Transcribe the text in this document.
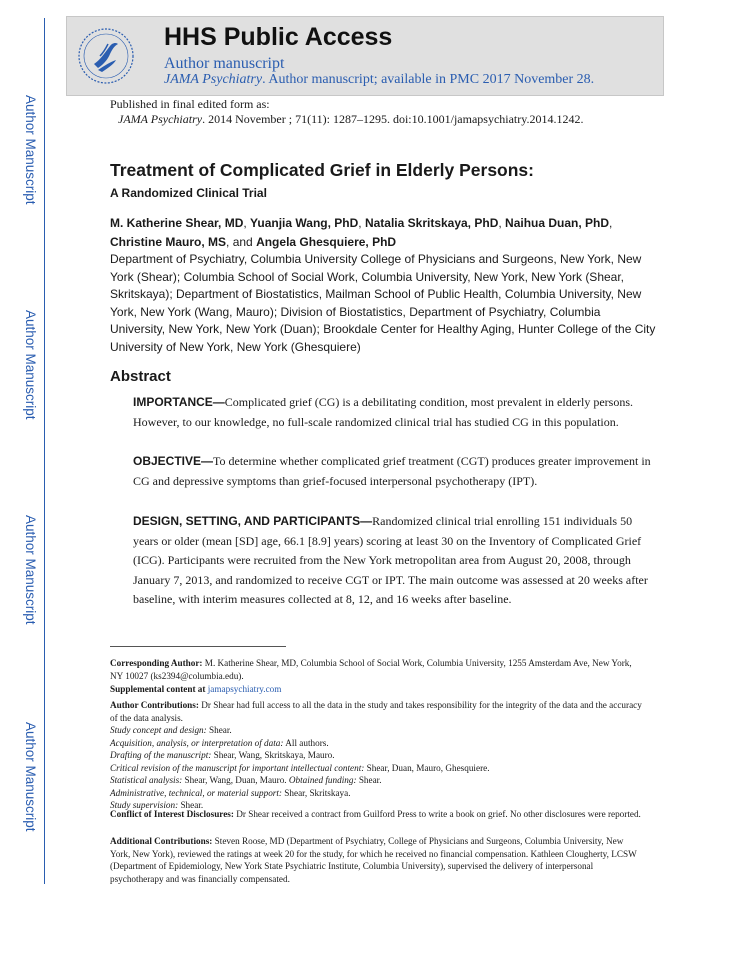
Author Manuscript
Author Manuscript
Author Manuscript
Author Manuscript
HHS Public Access
Author manuscript
JAMA Psychiatry. Author manuscript; available in PMC 2017 November 28.
Published in final edited form as:
JAMA Psychiatry. 2014 November ; 71(11): 1287–1295. doi:10.1001/jamapsychiatry.2014.1242.
Treatment of Complicated Grief in Elderly Persons:
A Randomized Clinical Trial
M. Katherine Shear, MD, Yuanjia Wang, PhD, Natalia Skritskaya, PhD, Naihua Duan, PhD,
Christine Mauro, MS, and Angela Ghesquiere, PhD
Department of Psychiatry, Columbia University College of Physicians and Surgeons, New York, New York (Shear); Columbia School of Social Work, Columbia University, New York, New York (Shear, Skritskaya); Department of Biostatistics, Mailman School of Public Health, Columbia University, New York, New York (Wang, Mauro); Division of Biostatistics, Department of Psychiatry, Columbia University, New York, New York (Duan); Brookdale Center for Healthy Aging, Hunter College of the City University of New York, New York (Ghesquiere)
Abstract
IMPORTANCE—Complicated grief (CG) is a debilitating condition, most prevalent in elderly persons. However, to our knowledge, no full-scale randomized clinical trial has studied CG in this population.
OBJECTIVE—To determine whether complicated grief treatment (CGT) produces greater improvement in CG and depressive symptoms than grief-focused interpersonal psychotherapy (IPT).
DESIGN, SETTING, AND PARTICIPANTS—Randomized clinical trial enrolling 151 individuals 50 years or older (mean [SD] age, 66.1 [8.9] years) scoring at least 30 on the Inventory of Complicated Grief (ICG). Participants were recruited from the New York metropolitan area from August 20, 2008, through January 7, 2013, and randomized to receive CGT or IPT. The main outcome was assessed at 20 weeks after baseline, with interim measures collected at 8, 12, and 16 weeks after baseline.
Corresponding Author: M. Katherine Shear, MD, Columbia School of Social Work, Columbia University, 1255 Amsterdam Ave, New York, NY 10027 (ks2394@columbia.edu).
Supplemental content at jamapsychiatry.com
Author Contributions: Dr Shear had full access to all the data in the study and takes responsibility for the integrity of the data and the accuracy of the data analysis.
Study concept and design: Shear.
Acquisition, analysis, or interpretation of data: All authors.
Drafting of the manuscript: Shear, Wang, Skritskaya, Mauro.
Critical revision of the manuscript for important intellectual content: Shear, Duan, Mauro, Ghesquiere.
Statistical analysis: Shear, Wang, Duan, Mauro. Obtained funding: Shear.
Administrative, technical, or material support: Shear, Skritskaya.
Study supervision: Shear.
Conflict of Interest Disclosures: Dr Shear received a contract from Guilford Press to write a book on grief. No other disclosures were reported.
Additional Contributions: Steven Roose, MD (Department of Psychiatry, College of Physicians and Surgeons, Columbia University, New York, New York), reviewed the ratings at week 20 for the study, for which he received no financial compensation. Kathleen Clougherty, LCSW (Department of Epidemiology, New York State Psychiatric Institute, Columbia University), supervised the delivery of interpersonal psychotherapy and was financially compensated.
